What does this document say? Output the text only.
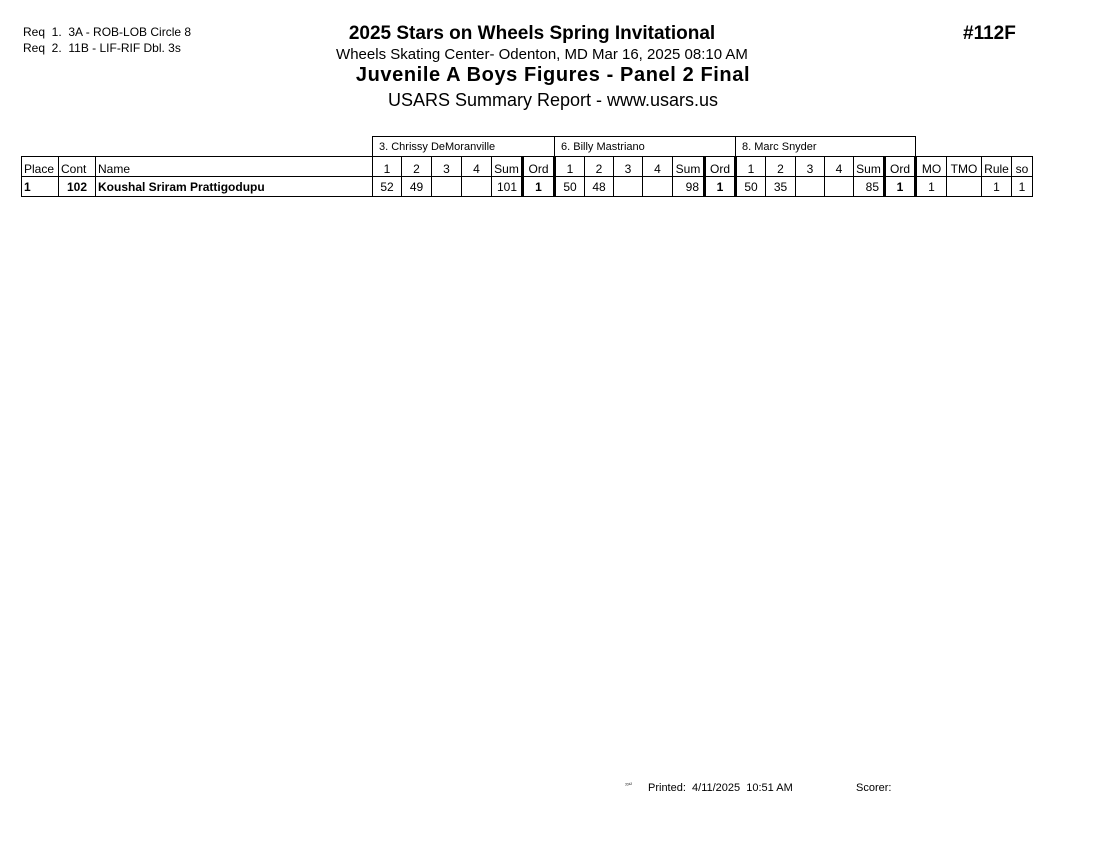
Req  1.  3A - ROB-LOB Circle 8
Req  2.  11B - LIF-RIF Dbl. 3s
2025 Stars on Wheels Spring Invitational
Wheels Skating Center- Odenton, MD Mar 16, 2025 08:10 AM
Juvenile A Boys Figures - Panel 2 Final
USARS Summary Report - www.usars.us
#112F
			3. Chrissy DeMoranville						6. Billy Mastriano						8. Marc Snyder									
Place	Cont	Name	1	2	3	4	Sum	Ord	1	2	3	4	Sum	Ord	1	2	3	4	Sum	Ord	MO	TMO	Rule	so
1	102	Koushal Sriram Prattigodupu	52	49			101	1	50	48			98	1	50	35			85	1	1		1	1
ᶾᶾ¹² Printed:  4/11/2025  10:51 AM	Scorer:
